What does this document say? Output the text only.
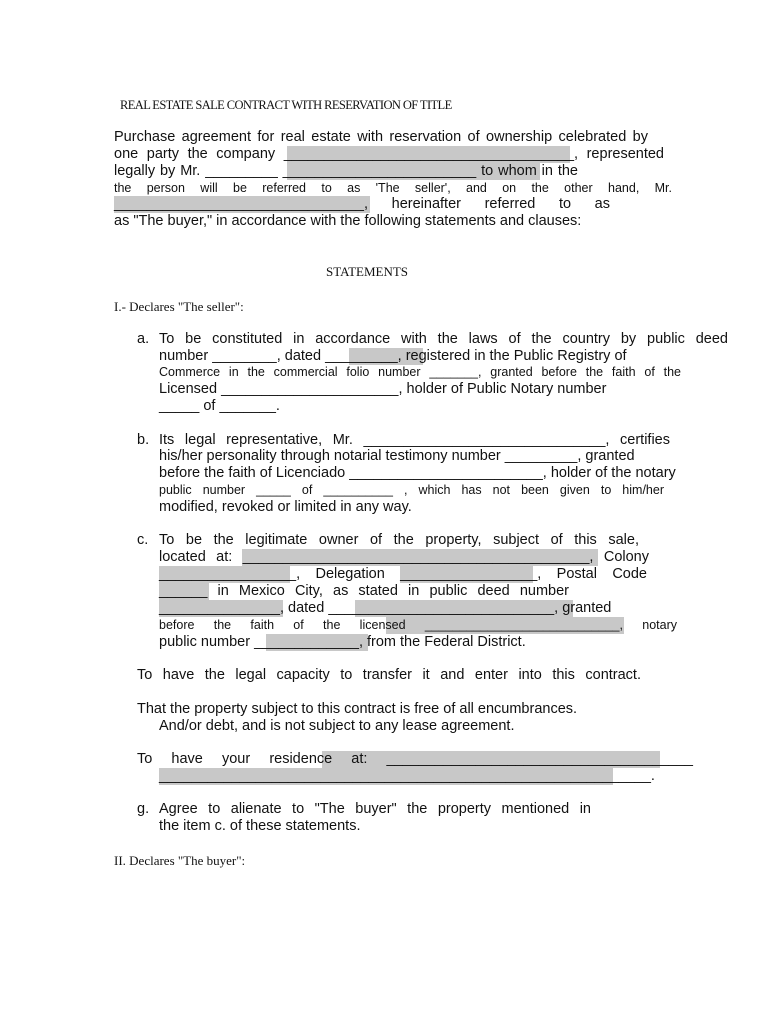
REAL ESTATE SALE CONTRACT WITH RESERVATION OF TITLE
Purchase agreement for real estate with reservation of ownership celebrated by
one party the company ____________________________________, represented
legally by Mr. _________ ________________________ to whom in the
the person will be referred to as 'The seller', and on the other hand, Mr.
_______________________________, hereinafter referred to as
as "The buyer," in accordance with the following statements and clauses:
STATEMENTS
I.- Declares "The seller":
a. To be constituted in accordance with the laws of the country by public deed
number ________, dated _________, registered in the Public Registry of
Commerce in the commercial folio number _______, granted before the faith of the
Licensed ______________________, holder of Public Notary number
_____ of _______.
b. Its legal representative, Mr. ______________________________, certifies
his/her personality through notarial testimony number _________, granted
before the faith of Licenciado ________________________, holder of the notary
public number _____ of __________ , which has not been given to him/her
modified, revoked or limited in any way.
c. To be the legitimate owner of the property, subject of this sale,
located at: ___________________________________________, Colony
_________________, Delegation _________________, Postal Code
______ in Mexico City, as stated in public deed number
_______________, dated ____________________________, granted
before the faith of the licensed ____________________________, notary
public number _____________, from the Federal District.
To have the legal capacity to transfer it and enter into this contract.
That the property subject to this contract is free of all encumbrances.
And/or debt, and is not subject to any lease agreement.
To have your residence at: ______________________________________
_____________________________________________________________.
g. Agree to alienate to "The buyer" the property mentioned in
the item c. of these statements.
II. Declares "The buyer":
